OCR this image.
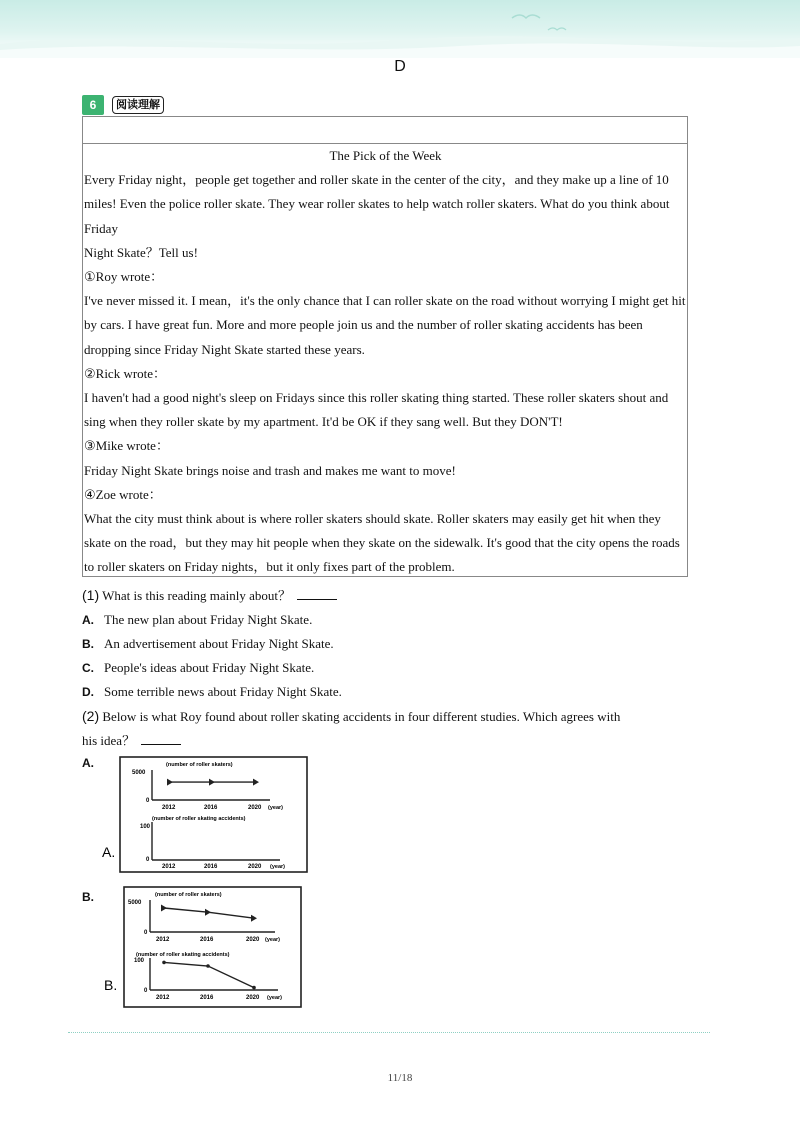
D
6	阅读理解

The Pick of the Week

Every Friday night，people get together and roller skate in the center of the city，and they make up a line of 10 miles! Even the police roller skate. They wear roller skates to help watch roller skaters. What do you think about Friday

Night Skate？Tell us!

①Roy wrote：

I've never missed it. I mean，it's the only chance that I can roller skate on the road without worrying I might get hit by cars. I have great fun. More and more people join us and the number of roller skating accidents has been dropping since Friday Night Skate started these years.

②Rick wrote：

I haven't had a good night's sleep on Fridays since this roller skating thing started. These roller skaters shout and sing when they roller skate by my apartment. It'd be OK if they sang well. But they DON'T!

③Mike wrote：

Friday Night Skate brings noise and trash and makes me want to move!

④Zoe wrote：

What the city must think about is where roller skaters should skate. Roller skaters may easily get hit when they skate on the road，but they may hit people when they skate on the sidewalk. It's good that the city opens the roads to roller skaters on Friday nights，but it only fixes part of the problem.

(1) What is this reading mainly about？

A. The new plan about Friday Night Skate.
B. An advertisement about Friday Night Skate.
C. People's ideas about Friday Night Skate.
D. Some terrible news about Friday Night Skate.

(2) Below is what Roy found about roller skating accidents in four different studies. Which agrees with

his idea？

A.
A.
(number of roller skaters)
5000
0
2012	2016	2020 (year)
(number of roller skating accidents)
100
0
2012	2016	2020 (year)
B.
B.
(number of roller skaters)
5000
0
2012	2016	2020 (year)
(number of roller skating accidents)
100
0
2012	2016	2020 (year)
11/18
